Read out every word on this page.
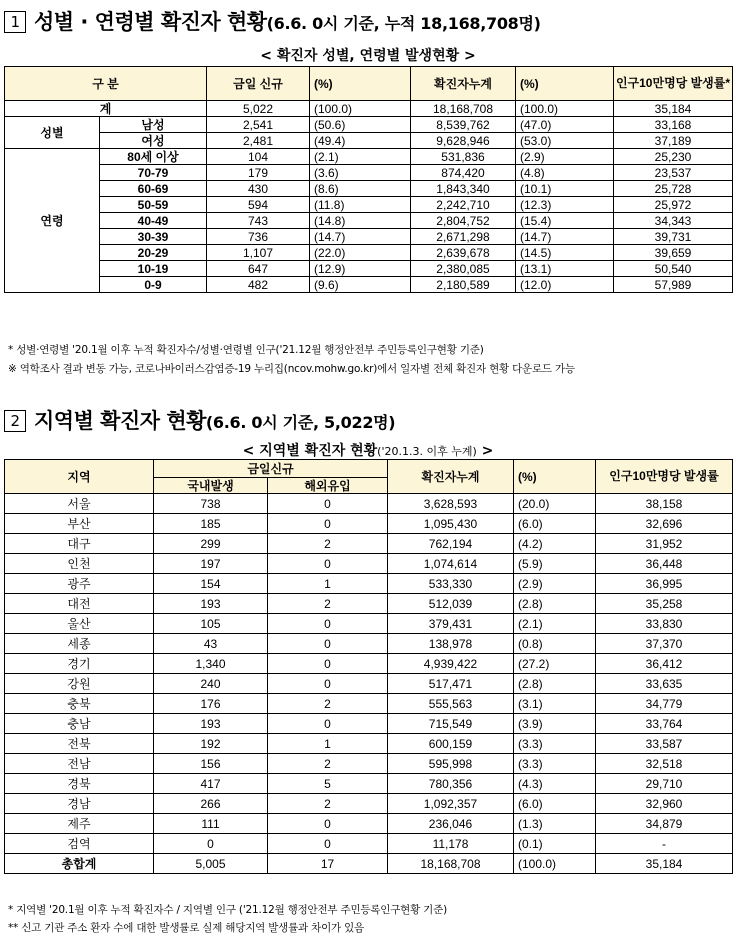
1 성별 · 연령별 확진자 현황(6.6. 0시 기준, 누적 18,168,708명)
< 확진자 성별, 연령별 발생현황 >
구 분		금일 신규	(%)	확진자누계	(%)	인구10만명당 발생률*
계		5,022	(100.0)	18,168,708	(100.0)	35,184
성별	남성	2,541	(50.6)	8,539,762	(47.0)	33,168
	여성	2,481	(49.4)	9,628,946	(53.0)	37,189
연령	80세 이상	104	(2.1)	531,836	(2.9)	25,230
	70-79	179	(3.6)	874,420	(4.8)	23,537
	60-69	430	(8.6)	1,843,340	(10.1)	25,728
	50-59	594	(11.8)	2,242,710	(12.3)	25,972
	40-49	743	(14.8)	2,804,752	(15.4)	34,343
	30-39	736	(14.7)	2,671,298	(14.7)	39,731
	20-29	1,107	(22.0)	2,639,678	(14.5)	39,659
	10-19	647	(12.9)	2,380,085	(13.1)	50,540
	0-9	482	(9.6)	2,180,589	(12.0)	57,989
* 성별·연령별 '20.1월 이후 누적 확진자수/성별·연령별 인구('21.12월 행정안전부 주민등록인구현황 기준)
※ 역학조사 결과 변동 가능, 코로나바이러스감염증-19 누리집(ncov.mohw.go.kr)에서 일자별 전체 확진자 현황 다운로드 가능
2 지역별 확진자 현황(6.6. 0시 기준, 5,022명)
< 지역별 확진자 현황('20.1.3. 이후 누계) >
지역	금일신규		확진자누계	(%)	인구10만명당 발생률
	국내발생	해외유입			
서울	738	0	3,628,593	(20.0)	38,158
부산	185	0	1,095,430	(6.0)	32,696
대구	299	2	762,194	(4.2)	31,952
인천	197	0	1,074,614	(5.9)	36,448
광주	154	1	533,330	(2.9)	36,995
대전	193	2	512,039	(2.8)	35,258
울산	105	0	379,431	(2.1)	33,830
세종	43	0	138,978	(0.8)	37,370
경기	1,340	0	4,939,422	(27.2)	36,412
강원	240	0	517,471	(2.8)	33,635
충북	176	2	555,563	(3.1)	34,779
충남	193	0	715,549	(3.9)	33,764
전북	192	1	600,159	(3.3)	33,587
전남	156	2	595,998	(3.3)	32,518
경북	417	5	780,356	(4.3)	29,710
경남	266	2	1,092,357	(6.0)	32,960
제주	111	0	236,046	(1.3)	34,879
검역	0	0	11,178	(0.1)	-
총합계	5,005	17	18,168,708	(100.0)	35,184
* 지역별 '20.1월 이후 누적 확진자수 / 지역별 인구 ('21.12월 행정안전부 주민등록인구현황 기준)
** 신고 기관 주소 환자 수에 대한 발생률로 실제 해당지역 발생률과 차이가 있음
